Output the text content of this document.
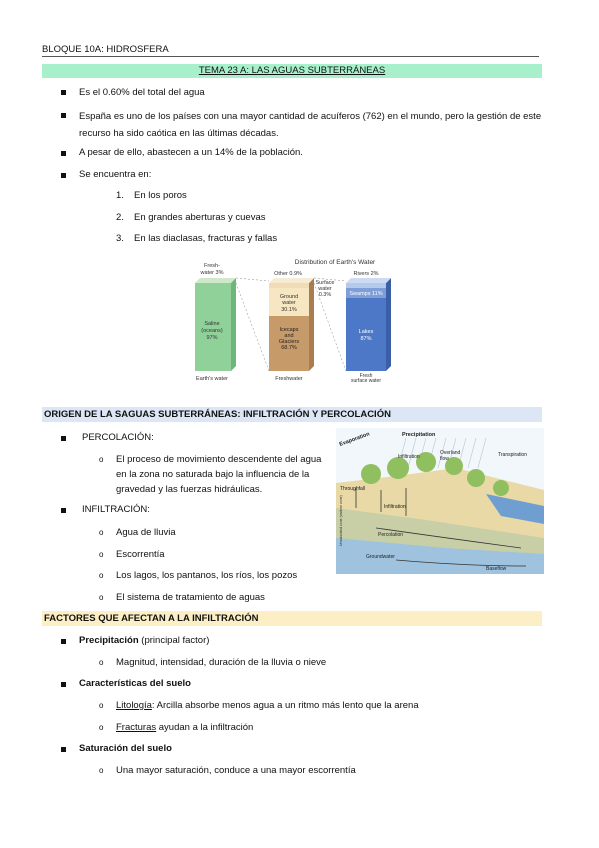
BLOQUE 10A: HIDROSFERA
TEMA 23 A: LAS AGUAS SUBTERRÁNEAS
Es el 0.60% del total del agua
España es uno de los países con una mayor cantidad de acuíferos (762) en el mundo, pero la gestión de este recurso ha sido caótica en las últimas décadas.
A pesar de ello, abastecen a un 14% de la población.
Se encuentra en:
1. En los poros
2. En grandes aberturas y cuevas
3. En las diaclasas, fracturas y fallas
Distribution of Earth's Water
Fresh-
water 3%
Saline
(oceans)
97%
Earth's water
Other 0.9%
Ground
water
30.1%
Icecaps
and
Glaciers
68.7%
Freshwater
Surface
water
0.3%
Rivers 2%
Swamps 11%
Lakes
87%
Fresh
surface water
ORIGEN DE LA SAGUAS SUBTERRÁNEAS: INFILTRACIÓN Y PERCOLACIÓN
PERCOLACIÓN:
o El proceso de movimiento descendente del agua
en la zona no saturada bajo la influencia de la
gravedad y las fuerzas hidráulicas.
INFILTRACIÓN:
o Agua de lluvia
o Escorrentía
o Los lagos, los pantanos, los ríos, los pozos
o El sistema de tratamiento de aguas
Precipitation
Evaporation
Transpiration
Infiltration
Overland
flow
Throughfall
Infiltration
Percolation
Groundwater
Baseflow
Unsaturated zone (vadose zone)
FACTORES QUE AFECTAN A LA INFILTRACIÓN
Precipitación (principal factor)
o Magnitud, intensidad, duración de la lluvia o nieve
Características del suelo
o Litología: Arcilla absorbe menos agua a un ritmo más lento que la arena
o Fracturas ayudan a la infiltración
Saturación del suelo
o Una mayor saturación, conduce a una mayor escorrentía
